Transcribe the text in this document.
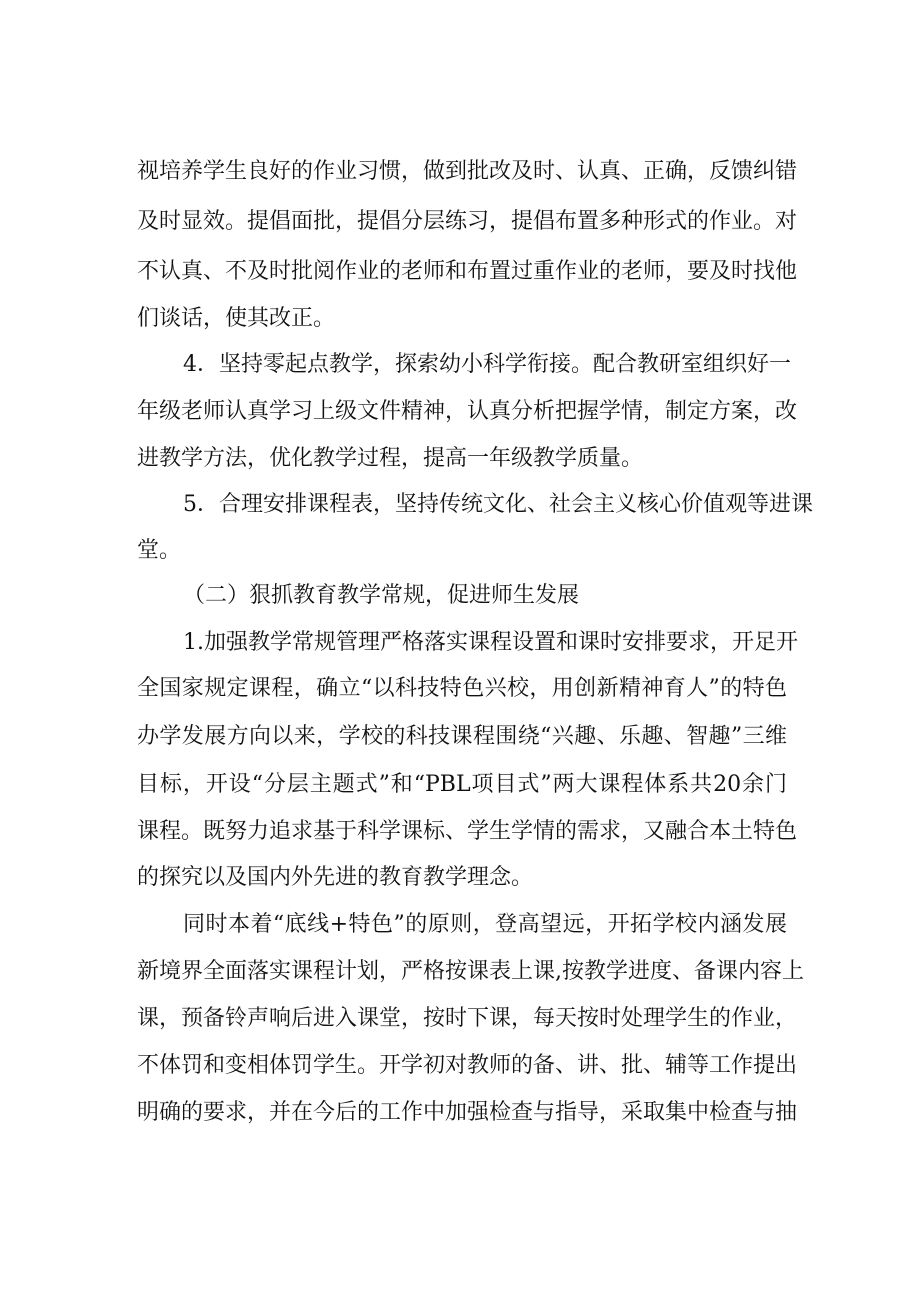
视培养学生良好的作业习惯，做到批改及时、认真、正确，反馈纠错
及时显效。提倡面批，提倡分层练习，提倡布置多种形式的作业。对
不认真、不及时批阅作业的老师和布置过重作业的老师，要及时找他
们谈话，使其改正。
4．坚持零起点教学，探索幼小科学衔接。配合教研室组织好一
年级老师认真学习上级文件精神，认真分析把握学情，制定方案，改
进教学方法，优化教学过程，提高一年级教学质量。
5．合理安排课程表，坚持传统文化、社会主义核心价值观等进课
堂。
（二）狠抓教育教学常规，促进师生发展
1.加强教学常规管理严格落实课程设置和课时安排要求，开足开
全国家规定课程，确立“以科技特色兴校，用创新精神育人”的特色
办学发展方向以来，学校的科技课程围绕“兴趣、乐趣、智趣”三维
目标，开设“分层主题式”和“PBL项目式”两大课程体系共20余门
课程。既努力追求基于科学课标、学生学情的需求，又融合本土特色
的探究以及国内外先进的教育教学理念。
同时本着“底线+特色”的原则，登高望远，开拓学校内涵发展
新境界全面落实课程计划，严格按课表上课,按教学进度、备课内容上
课，预备铃声响后进入课堂，按时下课，每天按时处理学生的作业，
不体罚和变相体罚学生。开学初对教师的备、讲、批、辅等工作提出
明确的要求，并在今后的工作中加强检查与指导，采取集中检查与抽
